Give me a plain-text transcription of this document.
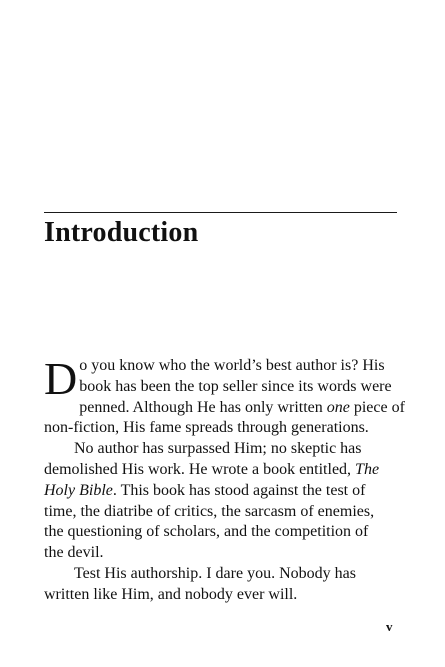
Introduction
D o you know who the world’s best author is? His
book has been the top seller since its words were
penned. Although He has only written one piece of
non-fiction, His fame spreads through generations.
No author has surpassed Him; no skeptic has
demolished His work. He wrote a book entitled, The
Holy Bible. This book has stood against the test of
time, the diatribe of critics, the sarcasm of enemies,
the questioning of scholars, and the competition of
the devil.
Test His authorship. I dare you. Nobody has
written like Him, and nobody ever will.
v
